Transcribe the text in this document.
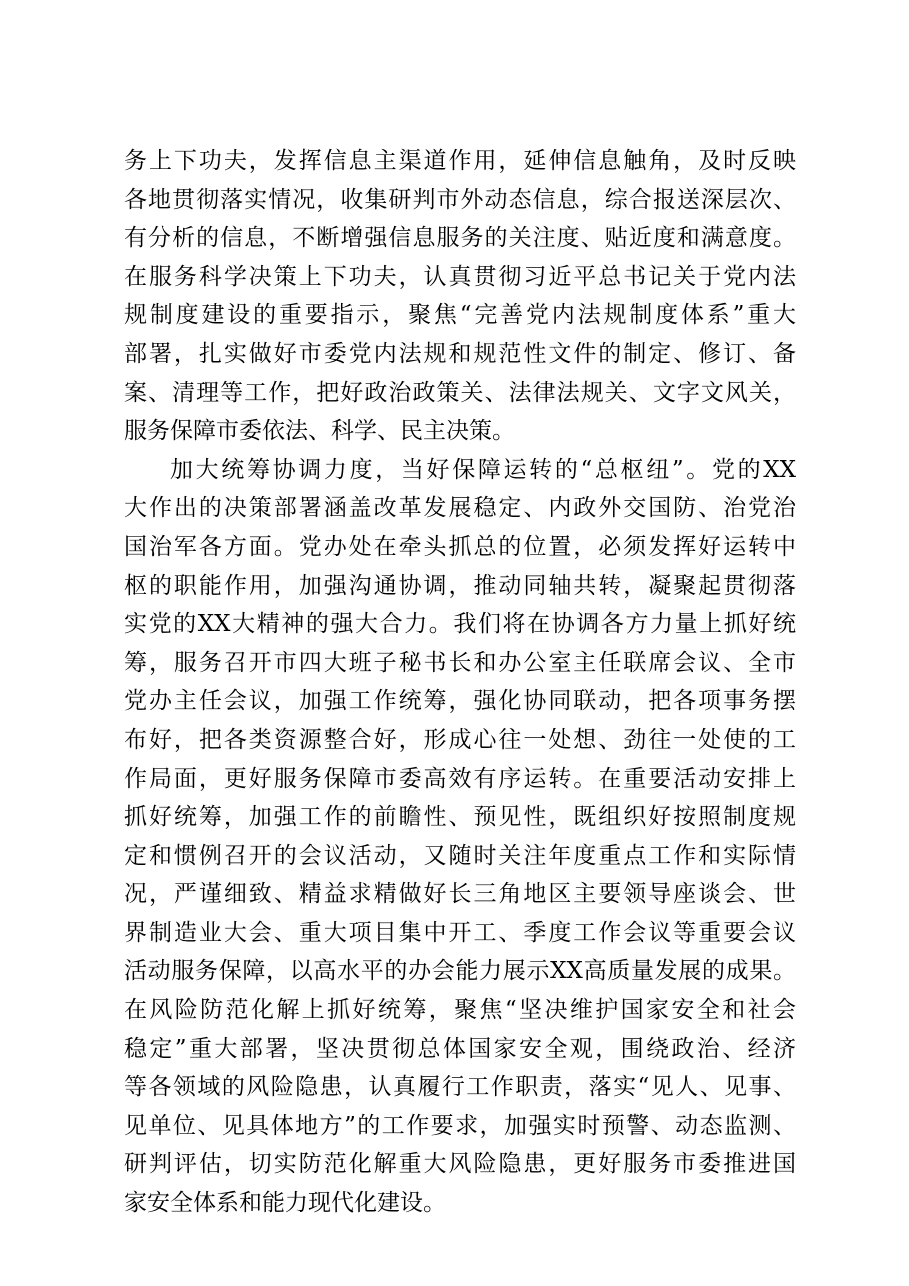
务上下功夫，发挥信息主渠道作用，延伸信息触角，及时反映
各地贯彻落实情况，收集研判市外动态信息，综合报送深层次、
有分析的信息，不断增强信息服务的关注度、贴近度和满意度。
在服务科学决策上下功夫，认真贯彻习近平总书记关于党内法
规制度建设的重要指示，聚焦“完善党内法规制度体系”重大
部署，扎实做好市委党内法规和规范性文件的制定、修订、备
案、清理等工作，把好政治政策关、法律法规关、文字文风关，
服务保障市委依法、科学、民主决策。
加大统筹协调力度，当好保障运转的“总枢纽”。党的XX
大作出的决策部署涵盖改革发展稳定、内政外交国防、治党治
国治军各方面。党办处在牵头抓总的位置，必须发挥好运转中
枢的职能作用，加强沟通协调，推动同轴共转，凝聚起贯彻落
实党的XX大精神的强大合力。我们将在协调各方力量上抓好统
筹，服务召开市四大班子秘书长和办公室主任联席会议、全市
党办主任会议，加强工作统筹，强化协同联动，把各项事务摆
布好，把各类资源整合好，形成心往一处想、劲往一处使的工
作局面，更好服务保障市委高效有序运转。在重要活动安排上
抓好统筹，加强工作的前瞻性、预见性，既组织好按照制度规
定和惯例召开的会议活动，又随时关注年度重点工作和实际情
况，严谨细致、精益求精做好长三角地区主要领导座谈会、世
界制造业大会、重大项目集中开工、季度工作会议等重要会议
活动服务保障，以高水平的办会能力展示XX高质量发展的成果。
在风险防范化解上抓好统筹，聚焦“坚决维护国家安全和社会
稳定”重大部署，坚决贯彻总体国家安全观，围绕政治、经济
等各领域的风险隐患，认真履行工作职责，落实“见人、见事、
见单位、见具体地方”的工作要求，加强实时预警、动态监测、
研判评估，切实防范化解重大风险隐患，更好服务市委推进国
家安全体系和能力现代化建设。
